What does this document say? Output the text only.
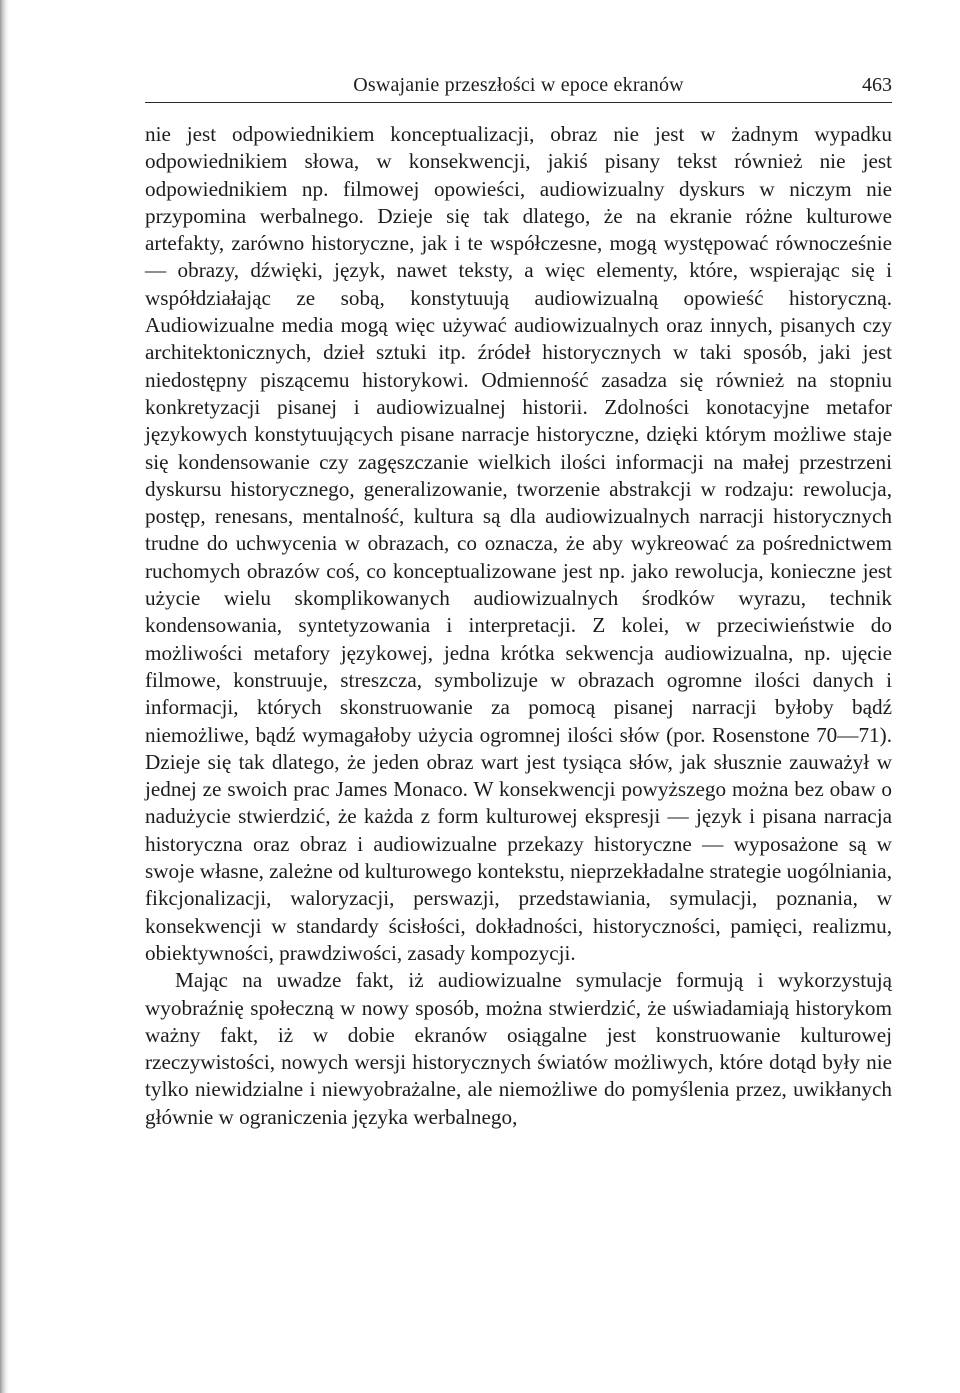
Oswajanie przeszłości w epoce ekranów	463

nie jest odpowiednikiem konceptualizacji, obraz nie jest w żadnym wypadku odpowiednikiem słowa, w konsekwencji, jakiś pisany tekst również nie jest odpowiednikiem np. filmowej opowieści, audiowizualny dyskurs w niczym nie przypomina werbalnego. Dzieje się tak dlatego, że na ekranie różne kulturowe artefakty, zarówno historyczne, jak i te współczesne, mogą występować równocześnie — obrazy, dźwięki, język, nawet teksty, a więc elementy, które, wspierając się i współdziałając ze sobą, konstytuują audiowizualną opowieść historyczną. Audiowizualne media mogą więc używać audiowizualnych oraz innych, pisanych czy architektonicznych, dzieł sztuki itp. źródeł historycznych w taki sposób, jaki jest niedostępny piszącemu historykowi. Odmienność zasadza się również na stopniu konkretyzacji pisanej i audiowizualnej historii. Zdolności konotacyjne metafor językowych konstytuujących pisane narracje historyczne, dzięki którym możliwe staje się kondensowanie czy zagęszczanie wielkich ilości informacji na małej przestrzeni dyskursu historycznego, generalizowanie, tworzenie abstrakcji w rodzaju: rewolucja, postęp, renesans, mentalność, kultura są dla audiowizualnych narracji historycznych trudne do uchwycenia w obrazach, co oznacza, że aby wykreować za pośrednictwem ruchomych obrazów coś, co konceptualizowane jest np. jako rewolucja, konieczne jest użycie wielu skomplikowanych audiowizualnych środków wyrazu, technik kondensowania, syntetyzowania i interpretacji. Z kolei, w przeciwieństwie do możliwości metafory językowej, jedna krótka sekwencja audiowizualna, np. ujęcie filmowe, konstruuje, streszcza, symbolizuje w obrazach ogromne ilości danych i informacji, których skonstruowanie za pomocą pisanej narracji byłoby bądź niemożliwe, bądź wymagałoby użycia ogromnej ilości słów (por. Rosenstone 70—71). Dzieje się tak dlatego, że jeden obraz wart jest tysiąca słów, jak słusznie zauważył w jednej ze swoich prac James Monaco. W konsekwencji powyższego można bez obaw o nadużycie stwierdzić, że każda z form kulturowej ekspresji — język i pisana narracja historyczna oraz obraz i audiowizualne przekazy historyczne — wyposażone są w swoje własne, zależne od kulturowego kontekstu, nieprzekładalne strategie uogólniania, fikcjonalizacji, waloryzacji, perswazji, przedstawiania, symulacji, poznania, w konsekwencji w standardy ścisłości, dokładności, historyczności, pamięci, realizmu, obiektywności, prawdziwości, zasady kompozycji.

Mając na uwadze fakt, iż audiowizualne symulacje formują i wykorzystują wyobraźnię społeczną w nowy sposób, można stwierdzić, że uświadamiają historykom ważny fakt, iż w dobie ekranów osiągalne jest konstruowanie kulturowej rzeczywistości, nowych wersji historycznych światów możliwych, które dotąd były nie tylko niewidzialne i niewyobrażalne, ale niemożliwe do pomyślenia przez, uwikłanych głównie w ograniczenia języka werbalnego,
